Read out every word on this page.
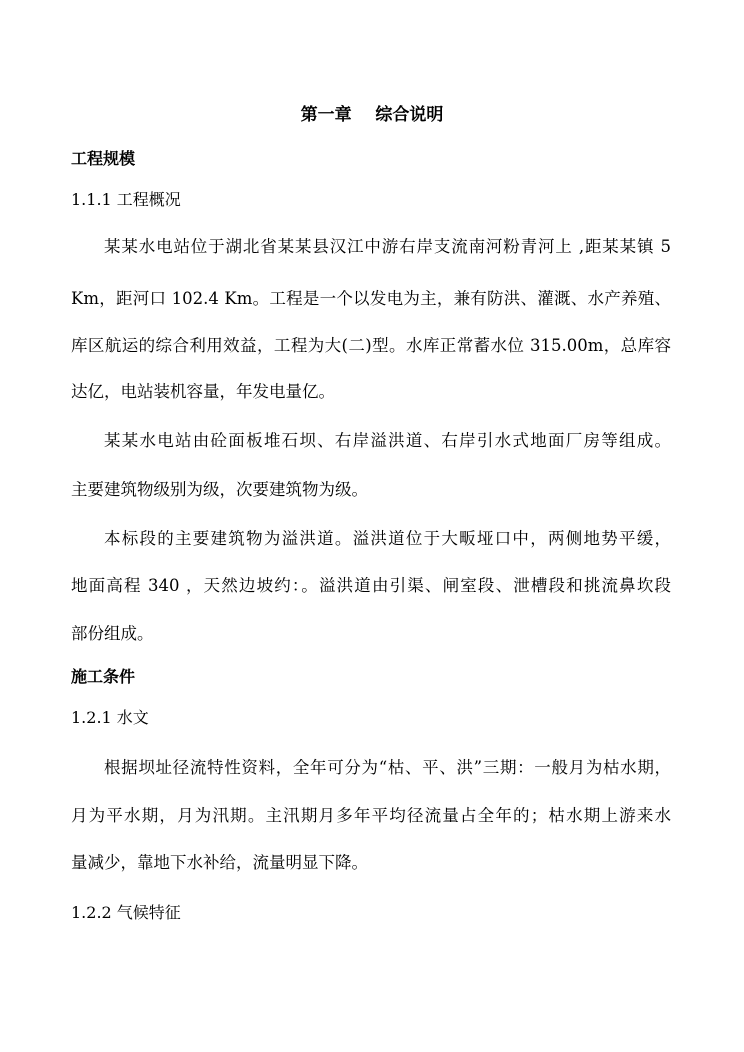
第一章    综合说明
工程规模
1.1.1 工程概况
某某水电站位于湖北省某某县汉江中游右岸支流南河粉青河上 ,距某某镇 5
Km，距河口 102.4 Km。工程是一个以发电为主，兼有防洪、灌溉、水产养殖、
库区航运的综合利用效益，工程为大(二)型。水库正常蓄水位 315.00m，总库容
达亿，电站装机容量，年发电量亿。
某某水电站由砼面板堆石坝、右岸溢洪道、右岸引水式地面厂房等组成。
主要建筑物级别为级，次要建筑物为级。
本标段的主要建筑物为溢洪道。溢洪道位于大畈垭口中，两侧地势平缓，
地面高程 340 ，天然边坡约：。溢洪道由引渠、闸室段、泄槽段和挑流鼻坎段
部份组成。
施工条件
1.2.1 水文
根据坝址径流特性资料，全年可分为“枯、平、洪”三期：一般月为枯水期，
月为平水期，月为汛期。主汛期月多年平均径流量占全年的；枯水期上游来水
量减少，靠地下水补给，流量明显下降。
1.2.2 气候特征
